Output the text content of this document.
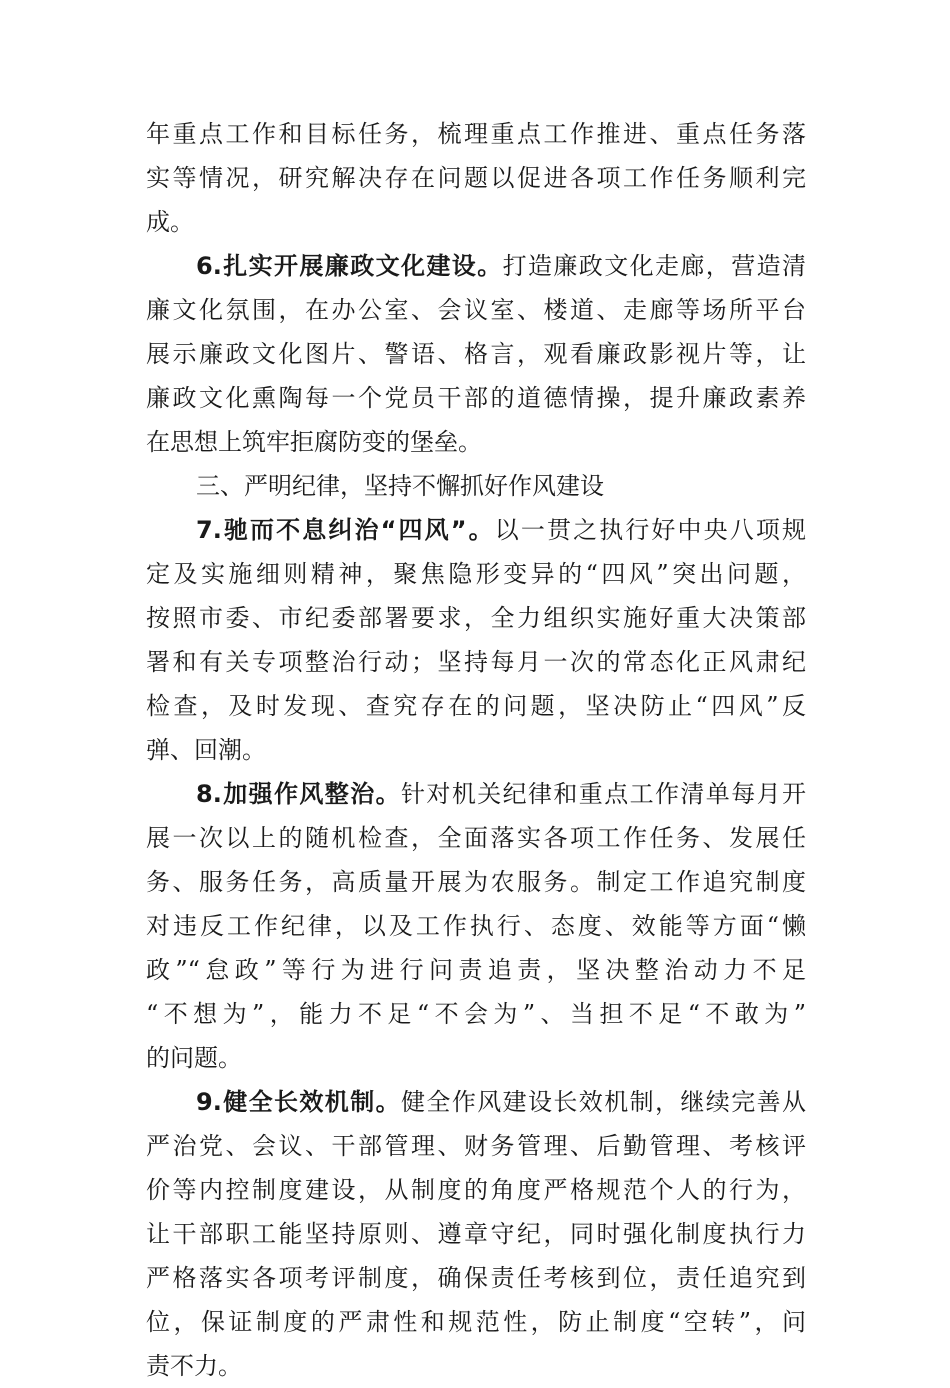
年重点工作和目标任务，梳理重点工作推进、重点任务落
实等情况，研究解决存在问题以促进各项工作任务顺利完
成。
6.扎实开展廉政文化建设。打造廉政文化走廊，营造清
廉文化氛围，在办公室、会议室、楼道、走廊等场所平台
展示廉政文化图片、警语、格言，观看廉政影视片等，让
廉政文化熏陶每一个党员干部的道德情操，提升廉政素养
在思想上筑牢拒腐防变的堡垒。
三、严明纪律，坚持不懈抓好作风建设
7.驰而不息纠治“四风”。以一贯之执行好中央八项规
定及实施细则精神，聚焦隐形变异的“四风”突出问题，
按照市委、市纪委部署要求，全力组织实施好重大决策部
署和有关专项整治行动；坚持每月一次的常态化正风肃纪
检查，及时发现、查究存在的问题，坚决防止“四风”反
弹、回潮。
8.加强作风整治。针对机关纪律和重点工作清单每月开
展一次以上的随机检查，全面落实各项工作任务、发展任
务、服务任务，高质量开展为农服务。制定工作追究制度
对违反工作纪律，以及工作执行、态度、效能等方面“懒
政”“怠政”等行为进行问责追责，坚决整治动力不足
“不想为”，能力不足“不会为”、当担不足“不敢为”
的问题。
9.健全长效机制。健全作风建设长效机制，继续完善从
严治党、会议、干部管理、财务管理、后勤管理、考核评
价等内控制度建设，从制度的角度严格规范个人的行为，
让干部职工能坚持原则、遵章守纪，同时强化制度执行力
严格落实各项考评制度，确保责任考核到位，责任追究到
位，保证制度的严肃性和规范性，防止制度“空转”，问
责不力。
